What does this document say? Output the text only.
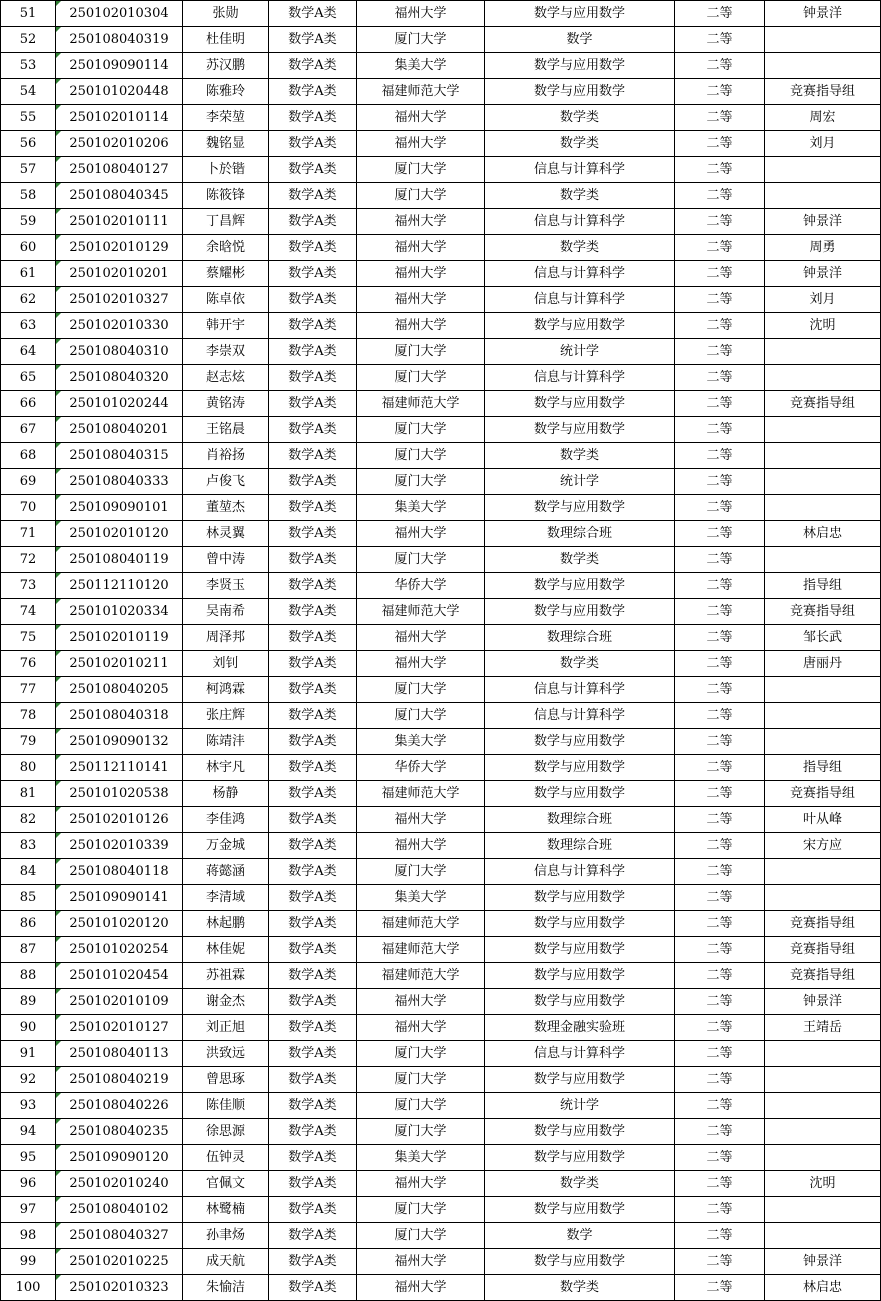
51	250102010304	张勋	数学A类	福州大学	数学与应用数学	二等	钟景洋
52	250108040319	杜佳明	数学A类	厦门大学	数学	二等	
53	250109090114	苏汉鹏	数学A类	集美大学	数学与应用数学	二等	
54	250101020448	陈雅玲	数学A类	福建师范大学	数学与应用数学	二等	竞赛指导组
55	250102010114	李荣堃	数学A类	福州大学	数学类	二等	周宏
56	250102010206	魏铭显	数学A类	福州大学	数学类	二等	刘月
57	250108040127	卜於锴	数学A类	厦门大学	信息与计算科学	二等	
58	250108040345	陈筱锋	数学A类	厦门大学	数学类	二等	
59	250102010111	丁昌辉	数学A类	福州大学	信息与计算科学	二等	钟景洋
60	250102010129	余晗悦	数学A类	福州大学	数学类	二等	周勇
61	250102010201	蔡耀彬	数学A类	福州大学	信息与计算科学	二等	钟景洋
62	250102010327	陈卓依	数学A类	福州大学	信息与计算科学	二等	刘月
63	250102010330	韩开宇	数学A类	福州大学	数学与应用数学	二等	沈明
64	250108040310	李崇双	数学A类	厦门大学	统计学	二等	
65	250108040320	赵志炫	数学A类	厦门大学	信息与计算科学	二等	
66	250101020244	黄铭涛	数学A类	福建师范大学	数学与应用数学	二等	竞赛指导组
67	250108040201	王铭晨	数学A类	厦门大学	数学与应用数学	二等	
68	250108040315	肖裕扬	数学A类	厦门大学	数学类	二等	
69	250108040333	卢俊飞	数学A类	厦门大学	统计学	二等	
70	250109090101	董堃杰	数学A类	集美大学	数学与应用数学	二等	
71	250102010120	林灵翼	数学A类	福州大学	数理综合班	二等	林启忠
72	250108040119	曾中涛	数学A类	厦门大学	数学类	二等	
73	250112110120	李贤玉	数学A类	华侨大学	数学与应用数学	二等	指导组
74	250101020334	吴南希	数学A类	福建师范大学	数学与应用数学	二等	竞赛指导组
75	250102010119	周泽邦	数学A类	福州大学	数理综合班	二等	邹长武
76	250102010211	刘钊	数学A类	福州大学	数学类	二等	唐丽丹
77	250108040205	柯鸿霖	数学A类	厦门大学	信息与计算科学	二等	
78	250108040318	张庄辉	数学A类	厦门大学	信息与计算科学	二等	
79	250109090132	陈靖沣	数学A类	集美大学	数学与应用数学	二等	
80	250112110141	林宇凡	数学A类	华侨大学	数学与应用数学	二等	指导组
81	250101020538	杨静	数学A类	福建师范大学	数学与应用数学	二等	竞赛指导组
82	250102010126	李佳鸿	数学A类	福州大学	数理综合班	二等	叶从峰
83	250102010339	万金城	数学A类	福州大学	数理综合班	二等	宋方应
84	250108040118	蒋懿涵	数学A类	厦门大学	信息与计算科学	二等	
85	250109090141	李清域	数学A类	集美大学	数学与应用数学	二等	
86	250101020120	林起鹏	数学A类	福建师范大学	数学与应用数学	二等	竞赛指导组
87	250101020254	林佳妮	数学A类	福建师范大学	数学与应用数学	二等	竞赛指导组
88	250101020454	苏祖霖	数学A类	福建师范大学	数学与应用数学	二等	竞赛指导组
89	250102010109	谢金杰	数学A类	福州大学	数学与应用数学	二等	钟景洋
90	250102010127	刘正旭	数学A类	福州大学	数理金融实验班	二等	王靖岳
91	250108040113	洪致远	数学A类	厦门大学	信息与计算科学	二等	
92	250108040219	曾思琢	数学A类	厦门大学	数学与应用数学	二等	
93	250108040226	陈佳顺	数学A类	厦门大学	统计学	二等	
94	250108040235	徐思源	数学A类	厦门大学	数学与应用数学	二等	
95	250109090120	伍钟灵	数学A类	集美大学	数学与应用数学	二等	
96	250102010240	官佩文	数学A类	福州大学	数学类	二等	沈明
97	250108040102	林鹭楠	数学A类	厦门大学	数学与应用数学	二等	
98	250108040327	孙聿炀	数学A类	厦门大学	数学	二等	
99	250102010225	成天航	数学A类	福州大学	数学与应用数学	二等	钟景洋
100	250102010323	朱愉洁	数学A类	福州大学	数学类	二等	林启忠
